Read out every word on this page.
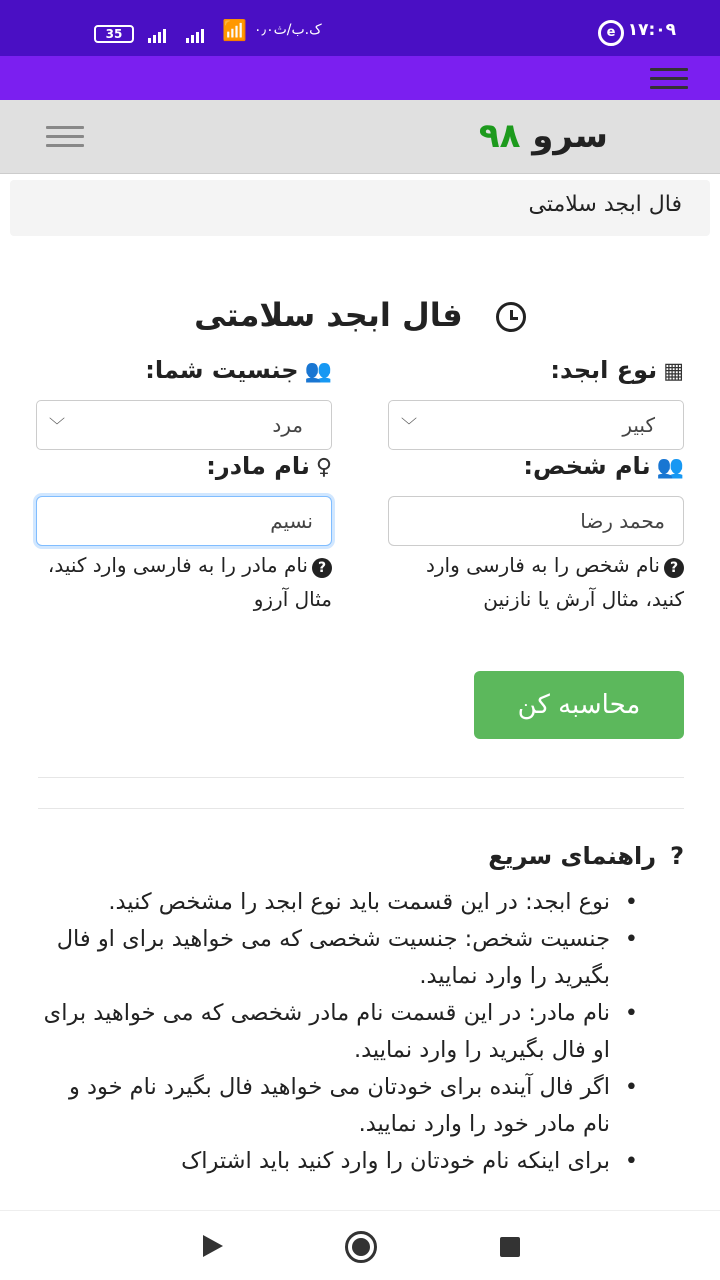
۱۷:۰۹
e
۰٫۰ک.ب/ث
📶
35
سرو ۹۸
فال ابجد سلامتی
فال ابجد سلامتی
▦نوع ابجد:
کبیر
﹀
👥جنسیت شما:
مرد
﹀
👥نام شخص:
محمد رضا
?نام شخص را به فارسی وارد کنید، مثال آرش یا نازنین
♀نام مادر:
نسیم
?نام مادر را به فارسی وارد کنید، مثال آرزو
محاسبه کن
?راهنمای سریع
• نوع ابجد: در این قسمت باید نوع ابجد را مشخص کنید.
• جنسیت شخص: جنسیت شخصی که می خواهید برای او فال بگیرید را وارد نمایید.
• نام مادر: در این قسمت نام مادر شخصی که می خواهید برای او فال بگیرید را وارد نمایید.
• اگر فال آینده برای خودتان می خواهید فال بگیرد نام خود و نام مادر خود را وارد نمایید.
• برای اینکه نام خودتان را وارد کنید باید اشتراک
